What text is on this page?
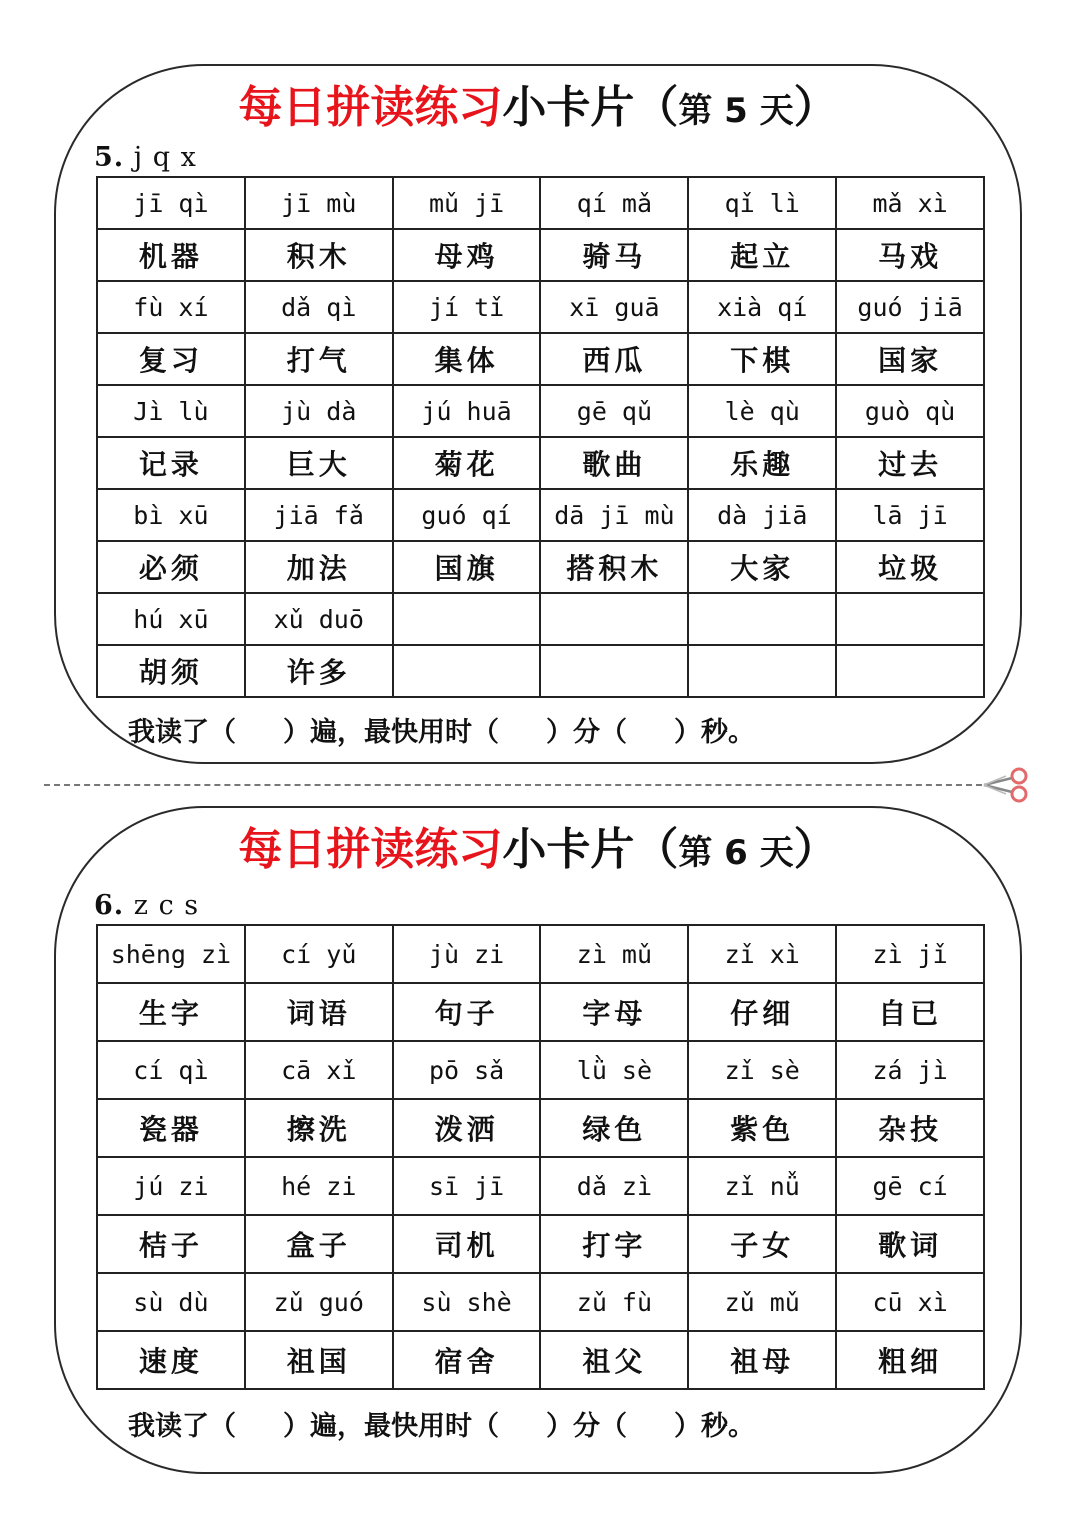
每日拼读练习小卡片（第 5 天）
5. j q x
jī qì	jī mù	mǔ jī	qí mǎ	qǐ lì	mǎ xì
机器	积木	母鸡	骑马	起立	马戏
fù xí	dǎ qì	jí tǐ	xī guā	xià qí	guó jiā
复习	打气	集体	西瓜	下棋	国家
Jì lù	jù dà	jú huā	gē qǔ	lè qù	guò qù
记录	巨大	菊花	歌曲	乐趣	过去
bì xū	jiā fǎ	guó qí	dā jī mù	dà jiā	lā jī
必须	加法	国旗	搭积木	大家	垃圾
hú xū	xǔ duō				
胡须	许多				
我读了（     ）遍，最快用时（     ）分（     ）秒。
每日拼读练习小卡片（第 6 天）
6. z c s
shēng zì	cí yǔ	jù zi	zì mǔ	zǐ xì	zì jǐ
生字	词语	句子	字母	仔细	自已
cí qì	cā xǐ	pō sǎ	lǜ sè	zǐ sè	zá jì
瓷器	擦洗	泼洒	绿色	紫色	杂技
jú zi	hé zi	sī jī	dǎ zì	zǐ nǚ	gē cí
桔子	盒子	司机	打字	子女	歌词
sù dù	zǔ guó	sù shè	zǔ fù	zǔ mǔ	cū xì
速度	祖国	宿舍	祖父	祖母	粗细
我读了（     ）遍，最快用时（     ）分（     ）秒。
